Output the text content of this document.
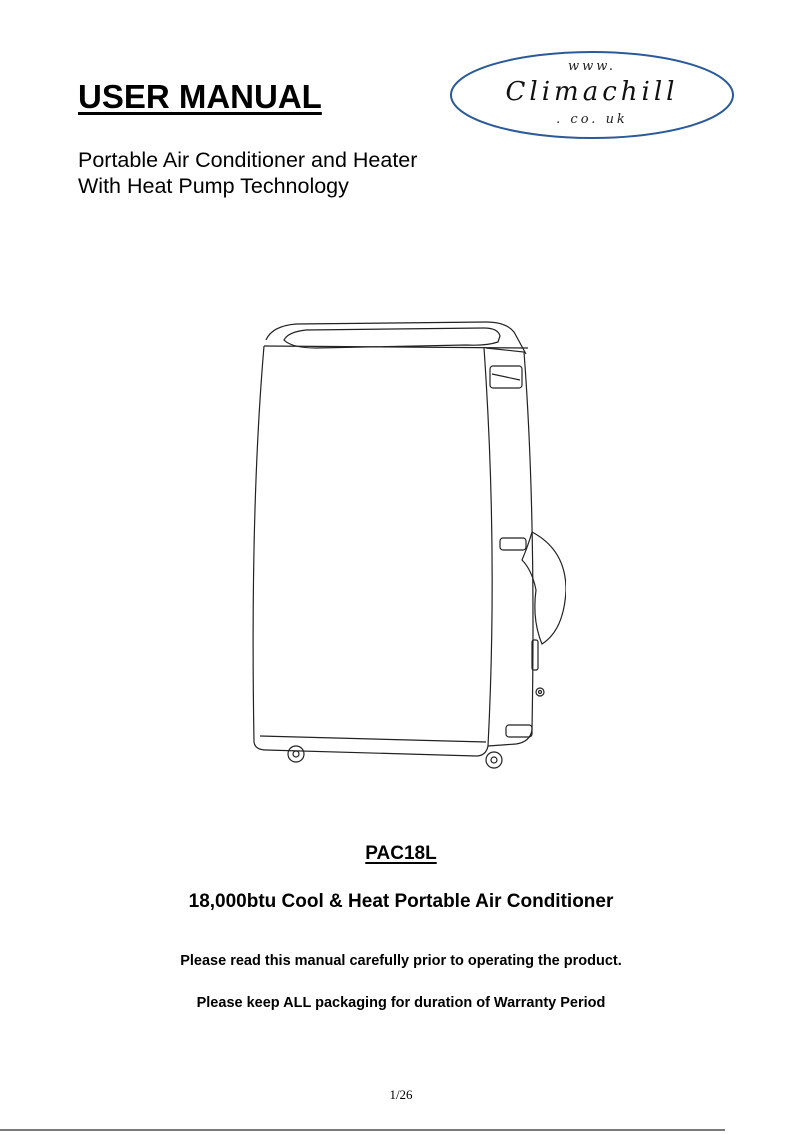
USER MANUAL
Portable Air Conditioner and Heater
With Heat Pump Technology
www.
Climachill
. co. uk
PAC18L
18,000btu Cool & Heat Portable Air Conditioner
Please read this manual carefully prior to operating the product.
Please keep ALL packaging for duration of Warranty Period
1/26
